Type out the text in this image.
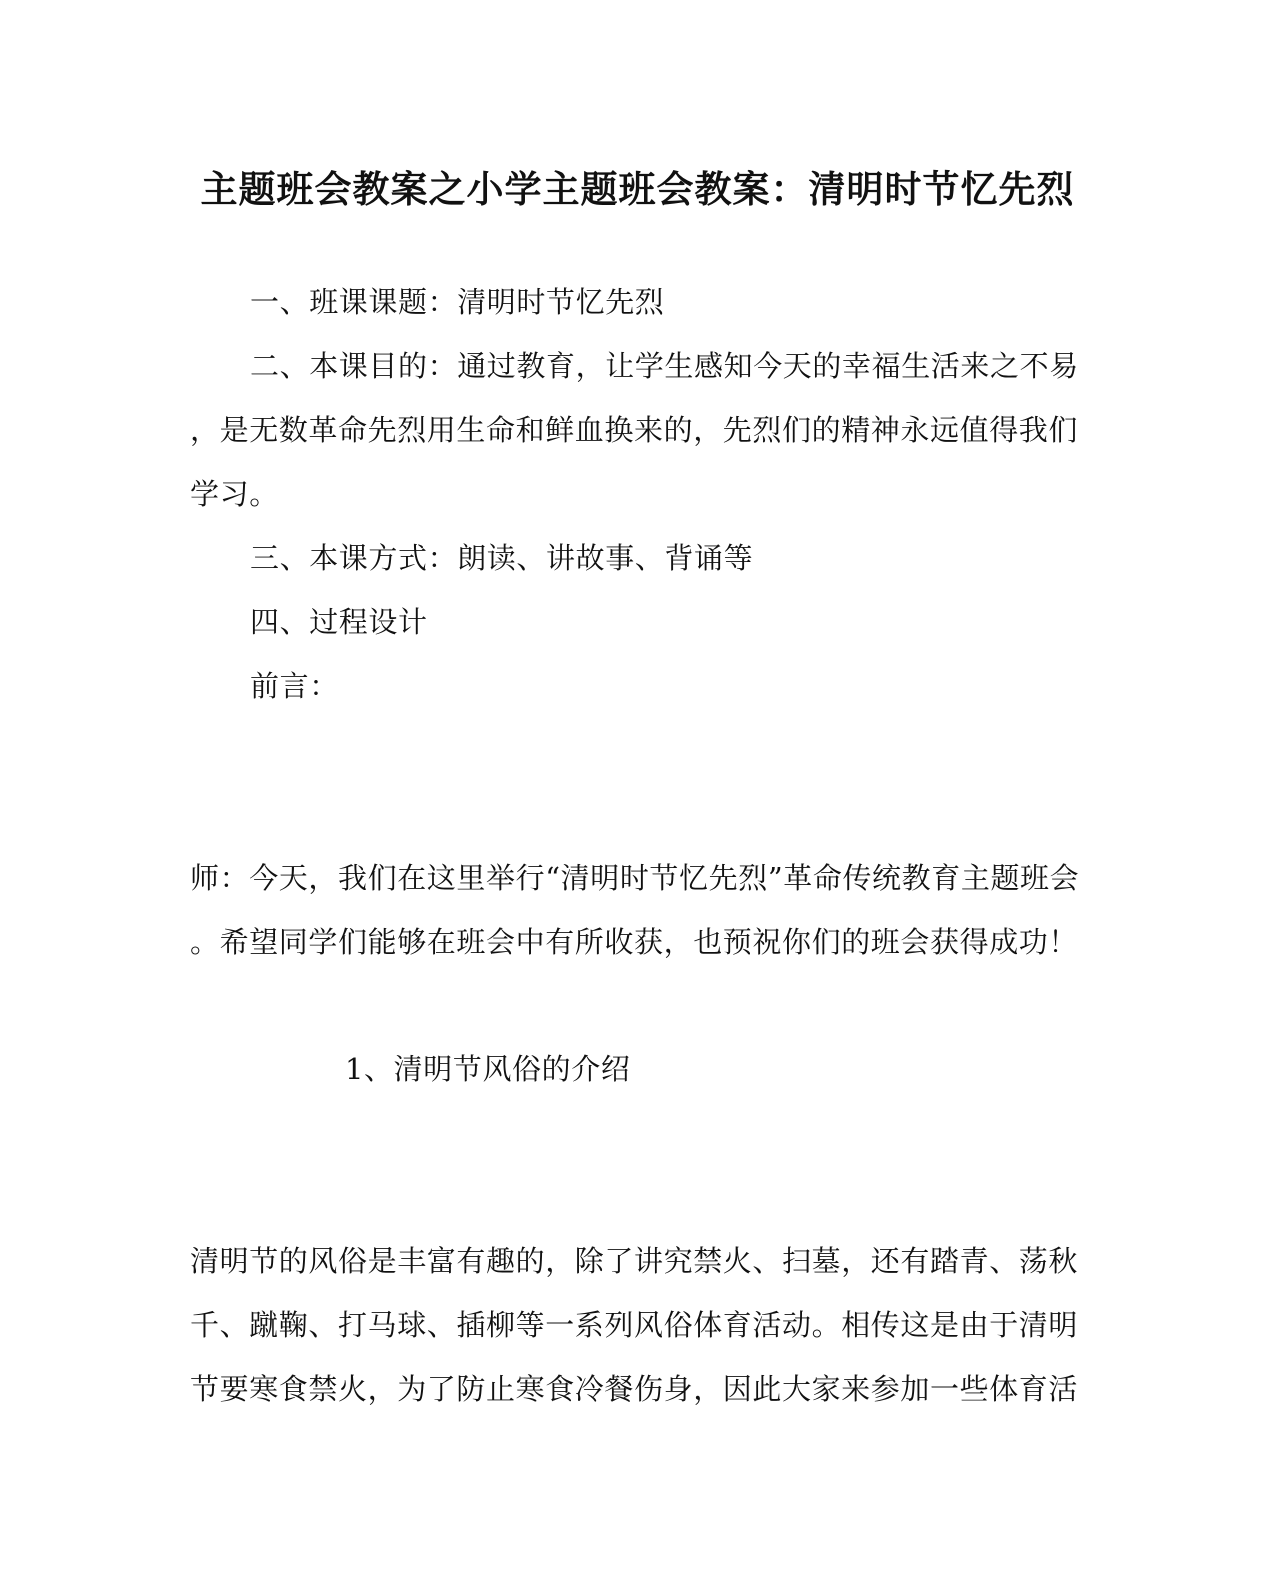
主题班会教案之小学主题班会教案：清明时节忆先烈
一、班课课题：清明时节忆先烈
二、本课目的：通过教育，让学生感知今天的幸福生活来之不易
，是无数革命先烈用生命和鲜血换来的，先烈们的精神永远值得我们
学习。
三、本课方式：朗读、讲故事、背诵等
四、过程设计
前言：
师：今天，我们在这里举行“清明时节忆先烈”革命传统教育主题班会
。希望同学们能够在班会中有所收获，也预祝你们的班会获得成功！
1、清明节风俗的介绍
清明节的风俗是丰富有趣的，除了讲究禁火、扫墓，还有踏青、荡秋
千、蹴鞠、打马球、插柳等一系列风俗体育活动。相传这是由于清明
节要寒食禁火，为了防止寒食冷餐伤身，因此大家来参加一些体育活
